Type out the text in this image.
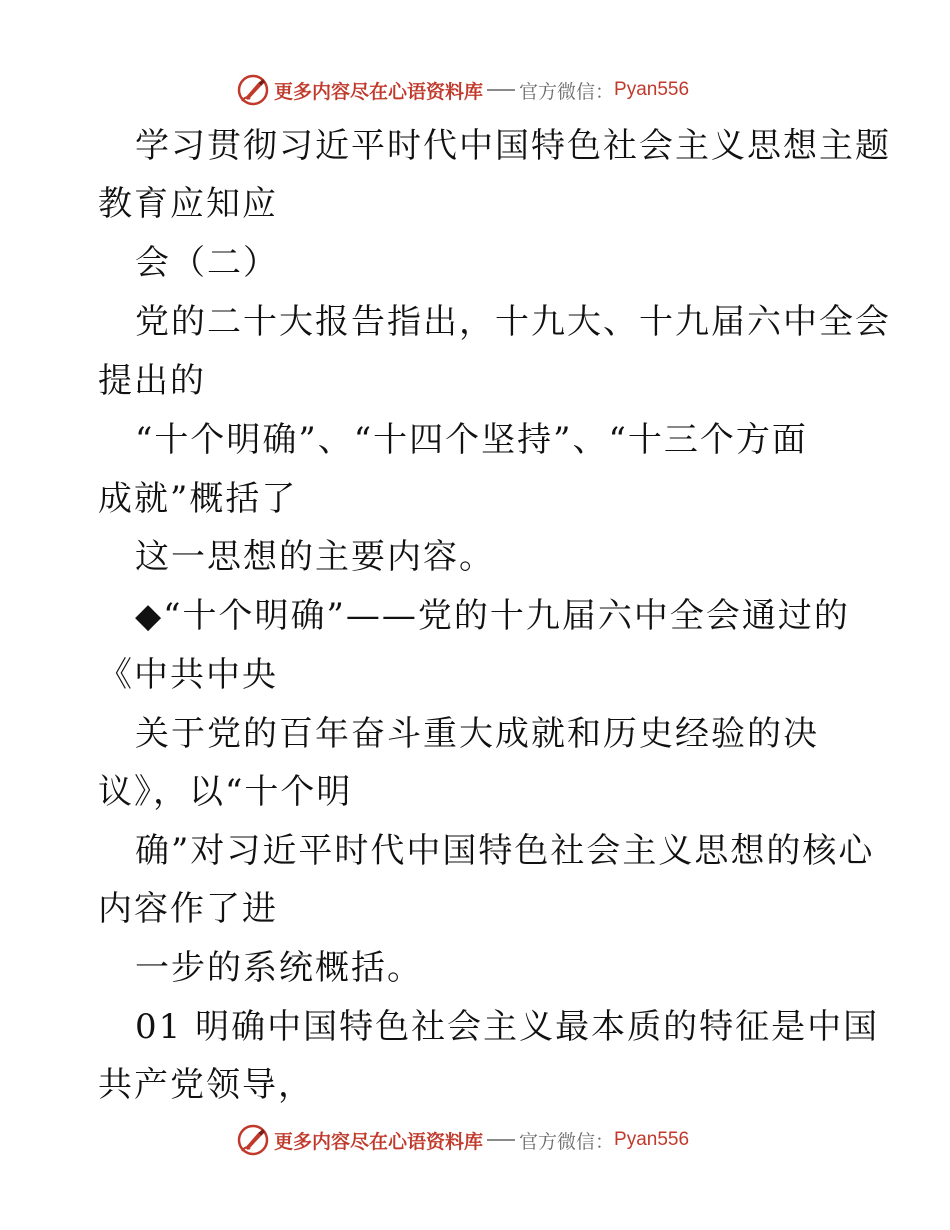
更多内容尽在心语资料库 官方微信： Pyan556
学习贯彻习近平时代中国特色社会主义思想主题
教育应知应
会（二）
党的二十大报告指出，十九大、十九届六中全会
提出的
“十个明确”、“十四个坚持”、“十三个方面
成就”概括了
这一思想的主要内容。
◆“十个明确”——党的十九届六中全会通过的
《中共中央
关于党的百年奋斗重大成就和历史经验的决
议》，以“十个明
确”对习近平时代中国特色社会主义思想的核心
内容作了进
一步的系统概括。
01 明确中国特色社会主义最本质的特征是中国
共产党领导，
更多内容尽在心语资料库 官方微信： Pyan556
